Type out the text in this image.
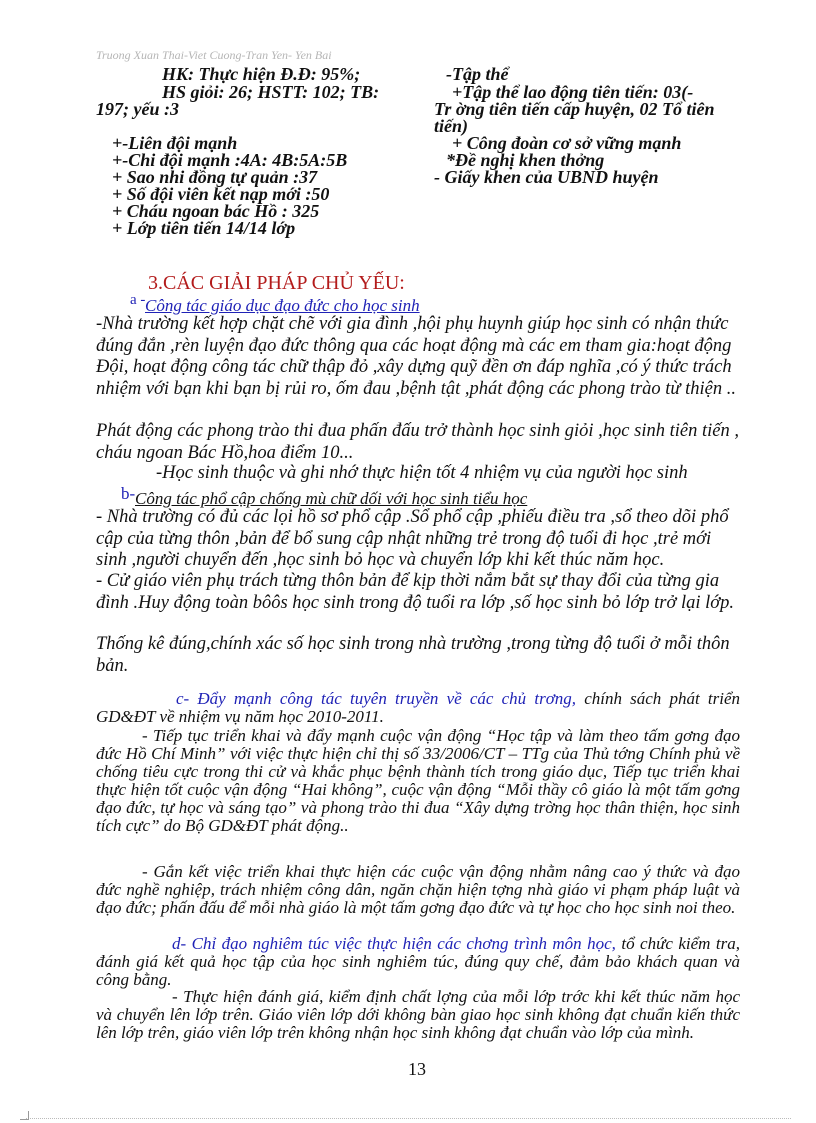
Truong Xuan Thai-Viet Cuong-Tran Yen- Yen Bai
HK: Thực hiện Đ.Đ: 95%;
HS giỏi: 26; HSTT: 102; TB:
197; yếu :3
+-Liên đội mạnh
+-Chi đội mạnh :4A: 4B:5A:5B
+ Sao nhi đồng tự quản :37
+ Số đội viên kết nạp mới :50
+ Cháu ngoan bác Hồ : 325
+ Lớp tiên tiến 14/14 lớp
-Tập thể
+Tập thể lao động tiên tiến: 03(-
Tr ờng tiên tiến cấp huyện, 02 Tổ tiên
tiến)
+ Công đoàn cơ sở vững mạnh
*Đề nghị khen thởng
- Giấy khen của UBND huyện
3.CÁC GIẢI PHÁP CHỦ YẾU:
a - Công tác giáo dục đạo đức cho học sinh
-Nhà trường kết hợp chặt chẽ với gia đình ,hội phụ huynh giúp học sinh có nhận thức đúng đắn ,rèn luyện đạo đức thông qua các hoạt động mà các em tham gia:hoạt động Đội, hoạt động công tác chữ thập đỏ ,xây dựng quỹ đền ơn đáp nghĩa ,có ý thức trách nhiệm với bạn khi bạn bị rủi ro, ốm đau ,bệnh tật ,phát động các phong trào từ thiện ..
Phát động các phong trào thi đua phấn đấu trở thành học sinh giỏi ,học sinh tiên tiến , cháu ngoan Bác Hồ,hoa điểm 10...
-Học sinh thuộc và ghi nhớ thực hiện tốt 4 nhiệm vụ của người học sinh
b- Công tác phổ cập chống mù chữ dối với học sinh tiểu học
- Nhà trường có đủ các lọi hồ sơ phổ cập .Sổ phổ cập ,phiếu điều tra ,sổ theo dõi phổ cập của từng thôn ,bản để bổ sung cập nhật những trẻ trong độ tuổi đi học ,trẻ mới sinh ,người chuyển đến ,học sinh bỏ học và chuyển lớp khi kết thúc năm học.
- Cử giáo viên phụ trách từng thôn bản để kịp thời nắm bắt sự thay đổi của từng gia đình .Huy động toàn bôôs học sinh trong độ tuổi ra lớp ,số học sinh bỏ lớp trở lại lớp.
Thống kê đúng,chính xác số học sinh trong nhà trường ,trong từng độ tuổi ở mỗi thôn bản.
c- Đẩy mạnh công tác tuyên truyền về các chủ trơng, chính sách phát triển GD&ĐT về nhiệm vụ năm học 2010-2011.
- Tiếp tục triển khai và đẩy mạnh cuộc vận động “Học tập và làm theo tấm gơng đạo đức Hồ Chí Minh” với việc thực hiện chỉ thị số 33/2006/CT – TTg của Thủ tớng Chính phủ về chống tiêu cực trong thi cử và khắc phục bệnh thành tích trong giáo dục, Tiếp tục triển khai thực hiện tốt cuộc vận động “Hai không”, cuộc vận động “Mỗi thầy cô giáo là một tấm gơng đạo đức, tự học và sáng tạo” và phong trào thi đua “Xây dựng trờng học thân thiện, học sinh tích cực” do Bộ GD&ĐT phát động..
- Gắn kết việc triển khai thực hiện các cuộc vận động nhằm nâng cao ý thức và đạo đức nghề nghiệp, trách nhiệm công dân, ngăn chặn hiện tợng nhà giáo vi phạm pháp luật và đạo đức; phấn đấu để mỗi nhà giáo là một tấm gơng đạo đức và tự học cho học sinh noi theo.
d- Chỉ đạo nghiêm túc việc thực hiện các chơng trình môn học, tổ chức kiểm tra, đánh giá kết quả học tập của học sinh nghiêm túc, đúng quy chế, đảm bảo khách quan và công bằng.
- Thực hiện đánh giá, kiểm định chất lợng của mỗi lớp trớc khi kết thúc năm học và chuyển lên lớp trên. Giáo viên lớp dới không bàn giao học sinh không đạt chuẩn kiến thức lên lớp trên, giáo viên lớp trên không nhận học sinh không đạt chuẩn vào lớp của mình.
13
